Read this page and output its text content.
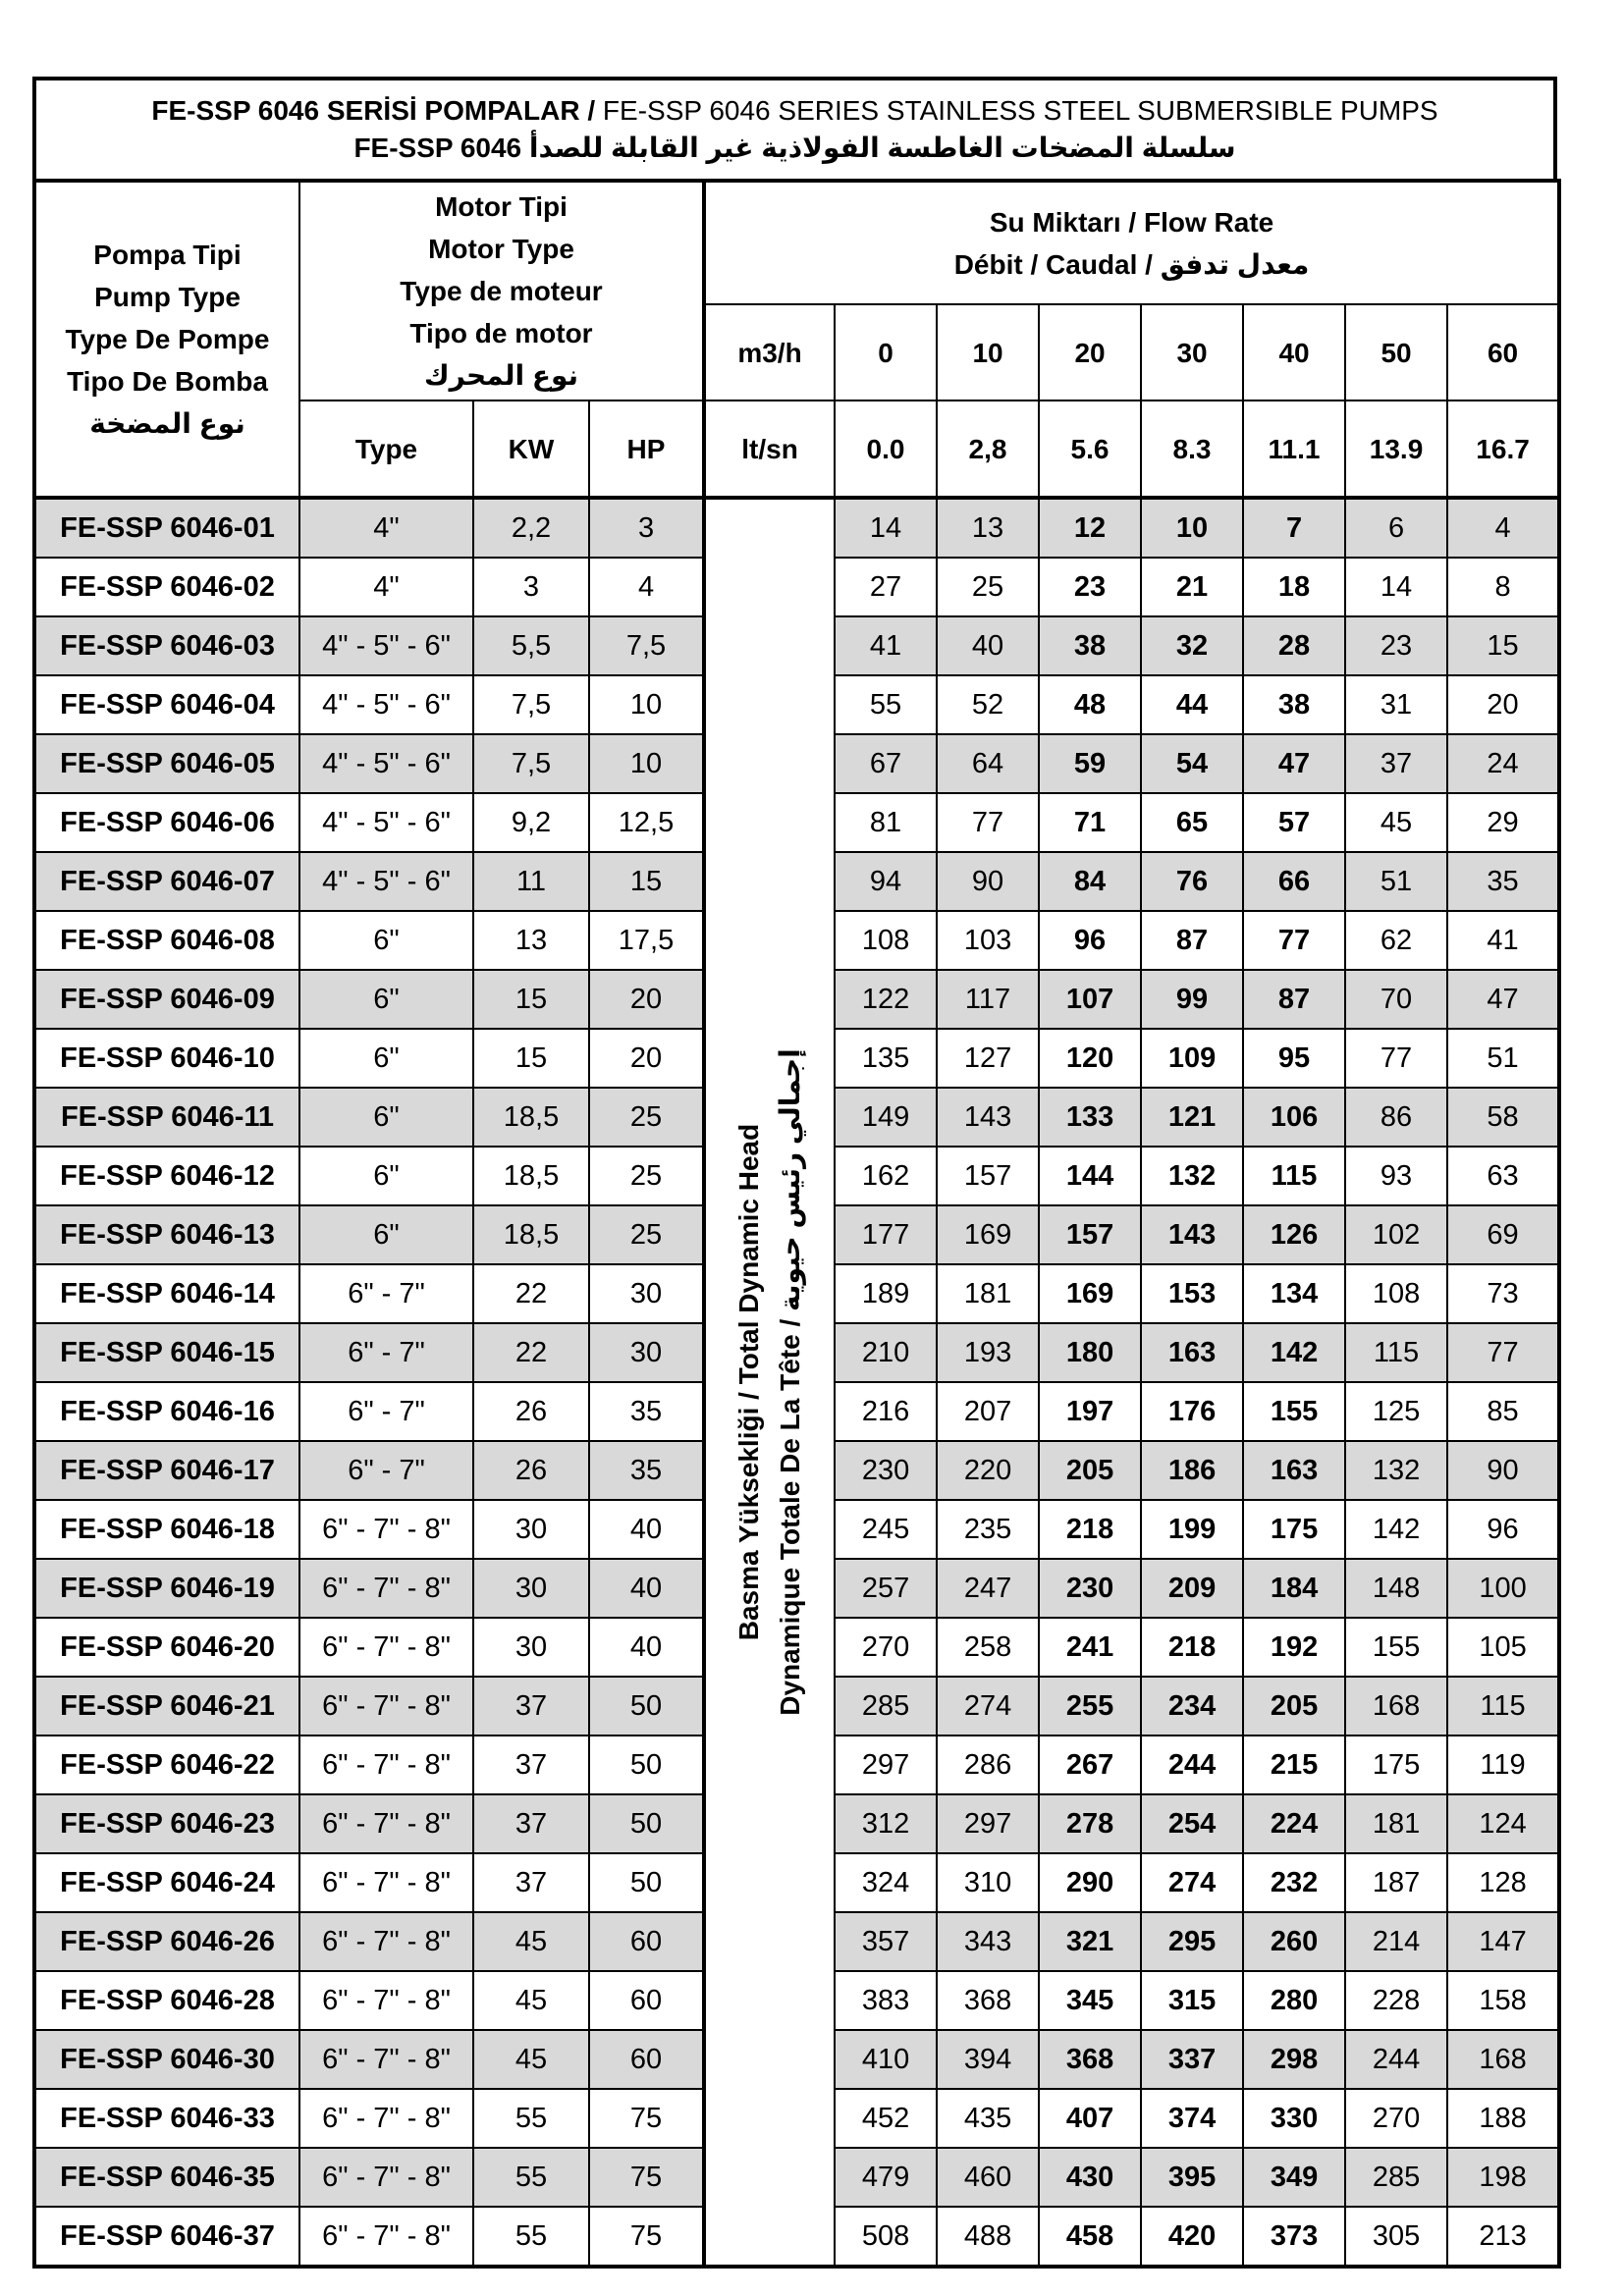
FE-SSP 6046 SERİSİ POMPALAR / FE-SSP 6046 SERIES STAINLESS STEEL SUBMERSIBLE PUMPS
سلسلة المضخات الغاطسة الفولاذية غير القابلة للصدأ FE-SSP 6046
Pompa Tipi
Pump Type
Type De Pompe
Tipo De Bomba
نوع المضخة	Motor Tipi
Motor Type
Type de moteur
Tipo de motor
نوع المحرك			Su Miktarı / Flow Rate
Débit / Caudal / معدل تدفق							

				m3/h	0	10	20	30	40	50	60
	Type	KW	HP	lt/sn	0.0	2,8	5.6	8.3	11.1	13.9	16.7
FE-SSP 6046-01	4"	2,2	3	Basma Yüksekliği / Total Dynamic Head Dynamique Totale De La Tête / إجمالي رئيس حيوية	14	13	12	10	7	6	4
FE-SSP 6046-02	4"	3	4		27	25	23	21	18	14	8
FE-SSP 6046-03	4" - 5" - 6"	5,5	7,5		41	40	38	32	28	23	15
FE-SSP 6046-04	4" - 5" - 6"	7,5	10		55	52	48	44	38	31	20
FE-SSP 6046-05	4" - 5" - 6"	7,5	10		67	64	59	54	47	37	24
FE-SSP 6046-06	4" - 5" - 6"	9,2	12,5		81	77	71	65	57	45	29
FE-SSP 6046-07	4" - 5" - 6"	11	15		94	90	84	76	66	51	35
FE-SSP 6046-08	6"	13	17,5		108	103	96	87	77	62	41
FE-SSP 6046-09	6"	15	20		122	117	107	99	87	70	47
FE-SSP 6046-10	6"	15	20		135	127	120	109	95	77	51
FE-SSP 6046-11	6"	18,5	25		149	143	133	121	106	86	58
FE-SSP 6046-12	6"	18,5	25		162	157	144	132	115	93	63
FE-SSP 6046-13	6"	18,5	25		177	169	157	143	126	102	69
FE-SSP 6046-14	6" - 7"	22	30		189	181	169	153	134	108	73
FE-SSP 6046-15	6" - 7"	22	30		210	193	180	163	142	115	77
FE-SSP 6046-16	6" - 7"	26	35		216	207	197	176	155	125	85
FE-SSP 6046-17	6" - 7"	26	35		230	220	205	186	163	132	90
FE-SSP 6046-18	6" - 7" - 8"	30	40		245	235	218	199	175	142	96
FE-SSP 6046-19	6" - 7" - 8"	30	40		257	247	230	209	184	148	100
FE-SSP 6046-20	6" - 7" - 8"	30	40		270	258	241	218	192	155	105
FE-SSP 6046-21	6" - 7" - 8"	37	50		285	274	255	234	205	168	115
FE-SSP 6046-22	6" - 7" - 8"	37	50		297	286	267	244	215	175	119
FE-SSP 6046-23	6" - 7" - 8"	37	50		312	297	278	254	224	181	124
FE-SSP 6046-24	6" - 7" - 8"	37	50		324	310	290	274	232	187	128
FE-SSP 6046-26	6" - 7" - 8"	45	60		357	343	321	295	260	214	147
FE-SSP 6046-28	6" - 7" - 8"	45	60		383	368	345	315	280	228	158
FE-SSP 6046-30	6" - 7" - 8"	45	60		410	394	368	337	298	244	168
FE-SSP 6046-33	6" - 7" - 8"	55	75		452	435	407	374	330	270	188
FE-SSP 6046-35	6" - 7" - 8"	55	75		479	460	430	395	349	285	198
FE-SSP 6046-37	6" - 7" - 8"	55	75		508	488	458	420	373	305	213
